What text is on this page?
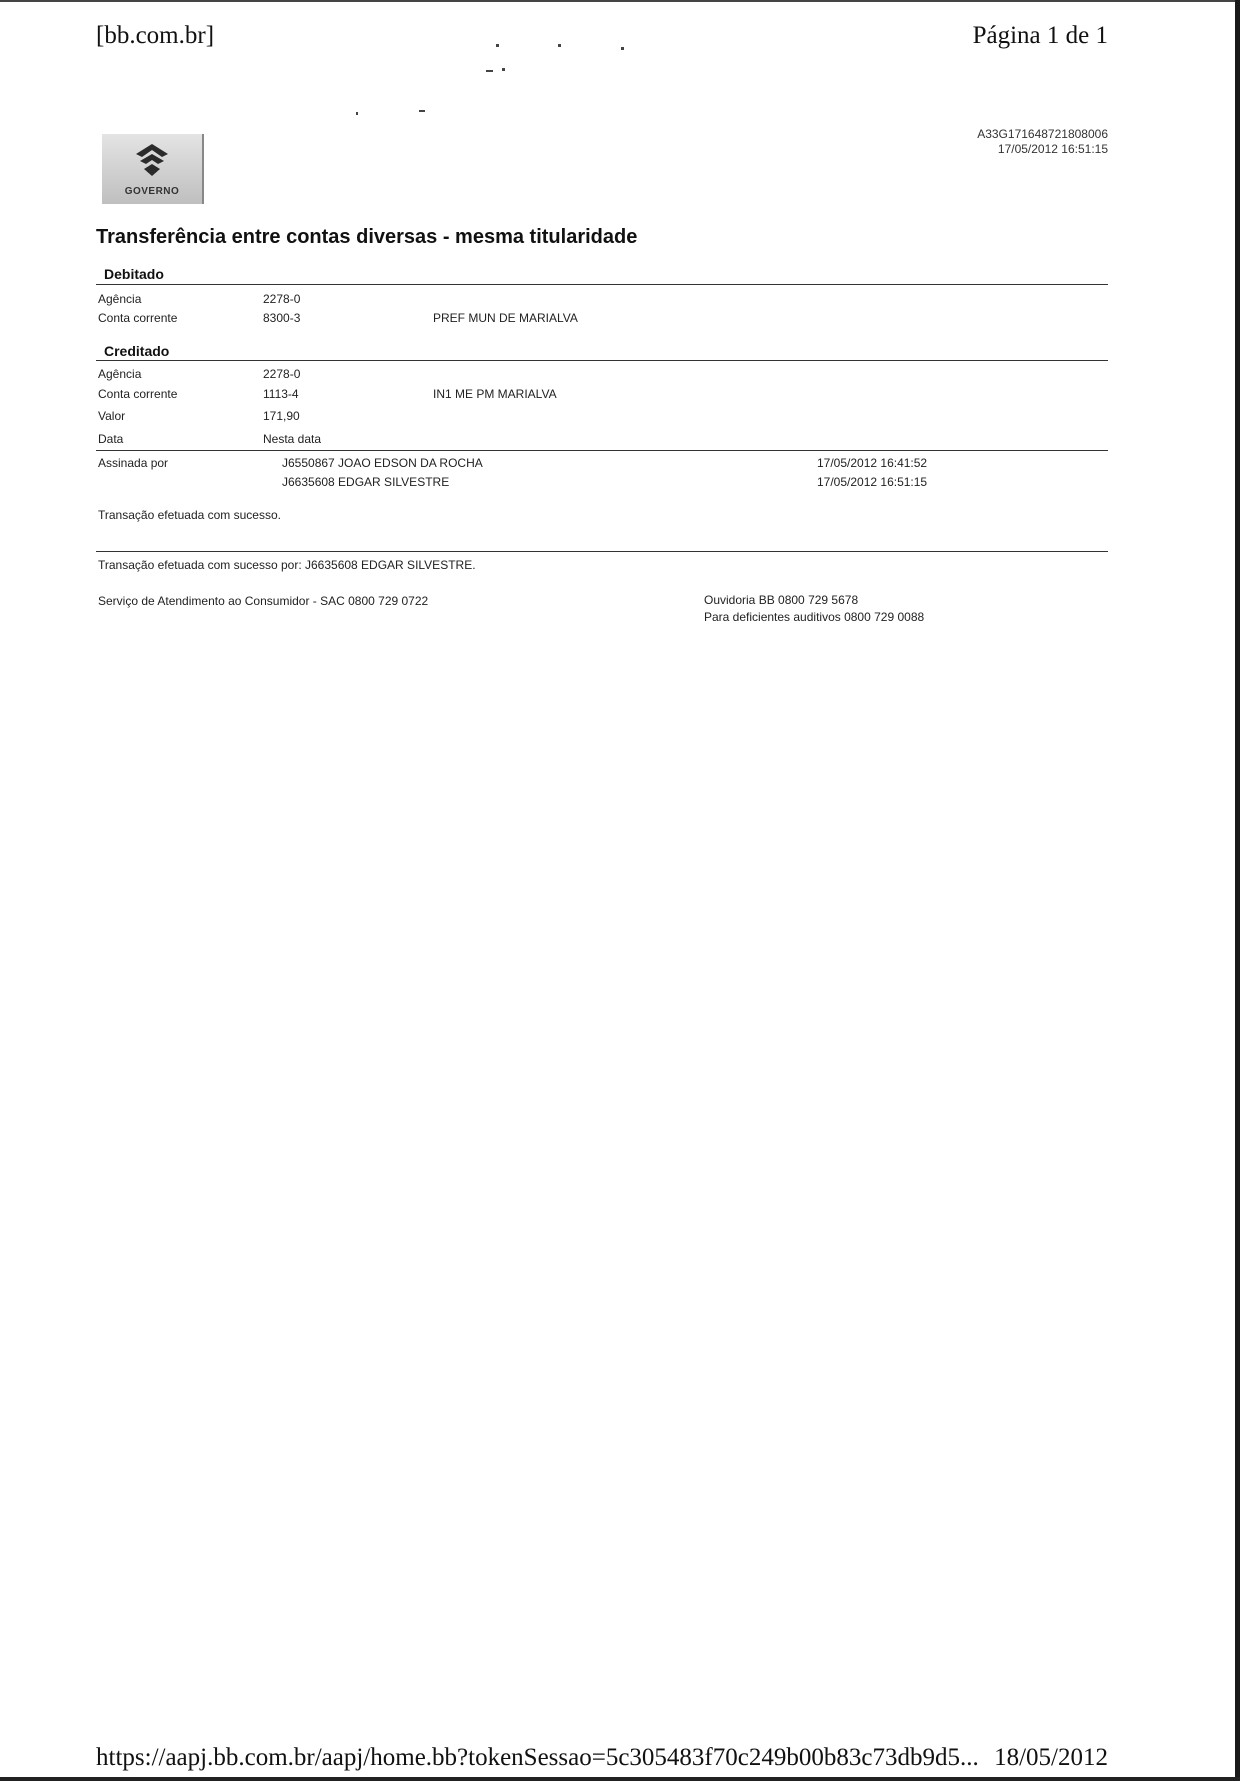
[bb.com.br]	Página 1 de 1
A33G171648721808006
17/05/2012 16:51:15
GOVERNO
Transferência entre contas diversas - mesma titularidade
Debitado
Agência	2278-0
Conta corrente	8300-3	PREF MUN DE MARIALVA
Creditado
Agência	2278-0
Conta corrente	1113-4	IN1 ME PM MARIALVA
Valor	171,90
Data	Nesta data
Assinada por	J6550867 JOAO EDSON DA ROCHA	17/05/2012 16:41:52
J6635608 EDGAR SILVESTRE	17/05/2012 16:51:15
Transação efetuada com sucesso.
Transação efetuada com sucesso por: J6635608 EDGAR SILVESTRE.
Serviço de Atendimento ao Consumidor - SAC 0800 729 0722	Ouvidoria BB 0800 729 5678
Para deficientes auditivos 0800 729 0088
https://aapj.bb.com.br/aapj/home.bb?tokenSessao=5c305483f70c249b00b83c73db9d5... 18/05/2012
